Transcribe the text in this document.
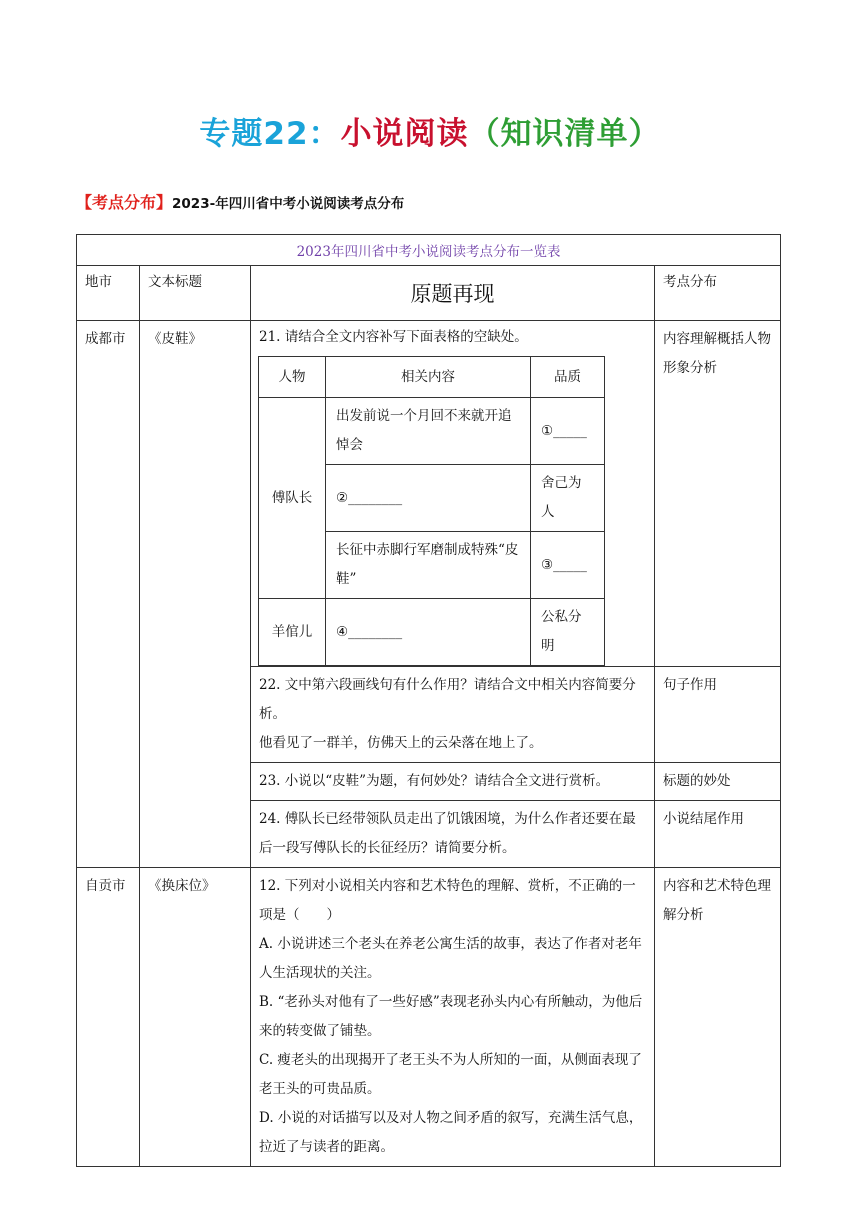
专题22：小说阅读（知识清单）
【考点分布】2023-年四川省中考小说阅读考点分布
2023年四川省中考小说阅读考点分布一览表
地市	文本标题	原题再现	考点分布
成都市	《皮鞋》	21. 请结合全文内容补写下面表格的空缺处。
人物	相关内容	品质
傅队长	出发前说一个月回不来就开追悼会	①_____
②________	舍己为人
长征中赤脚行军磨制成特殊“皮鞋”	③_____
羊倌儿	④________	公私分明
	内容理解概括人物形象分析

22. 文中第六段画线句有什么作用？请结合文中相关内容简要分析。
他看见了一群羊，仿佛天上的云朵落在地上了。
	句子作用
23. 小说以“皮鞋”为题，有何妙处？请结合全文进行赏析。	标题的妙处
24. 傅队长已经带领队员走出了饥饿困境，为什么作者还要在最后一段写傅队长的长征经历？请简要分析。	小说结尾作用
自贡市	《换床位》	12. 下列对小说相关内容和艺术特色的理解、赏析，不正确的一项是（　　）
A. 小说讲述三个老头在养老公寓生活的故事，表达了作者对老年人生活现状的关注。
B. “老孙头对他有了一些好感”表现老孙头内心有所触动，为他后来的转变做了铺垫。
C. 瘦老头的出现揭开了老王头不为人所知的一面，从侧面表现了老王头的可贵品质。
D. 小说的对话描写以及对人物之间矛盾的叙写，充满生活气息，拉近了与读者的距离。
	内容和艺术特色理解分析
